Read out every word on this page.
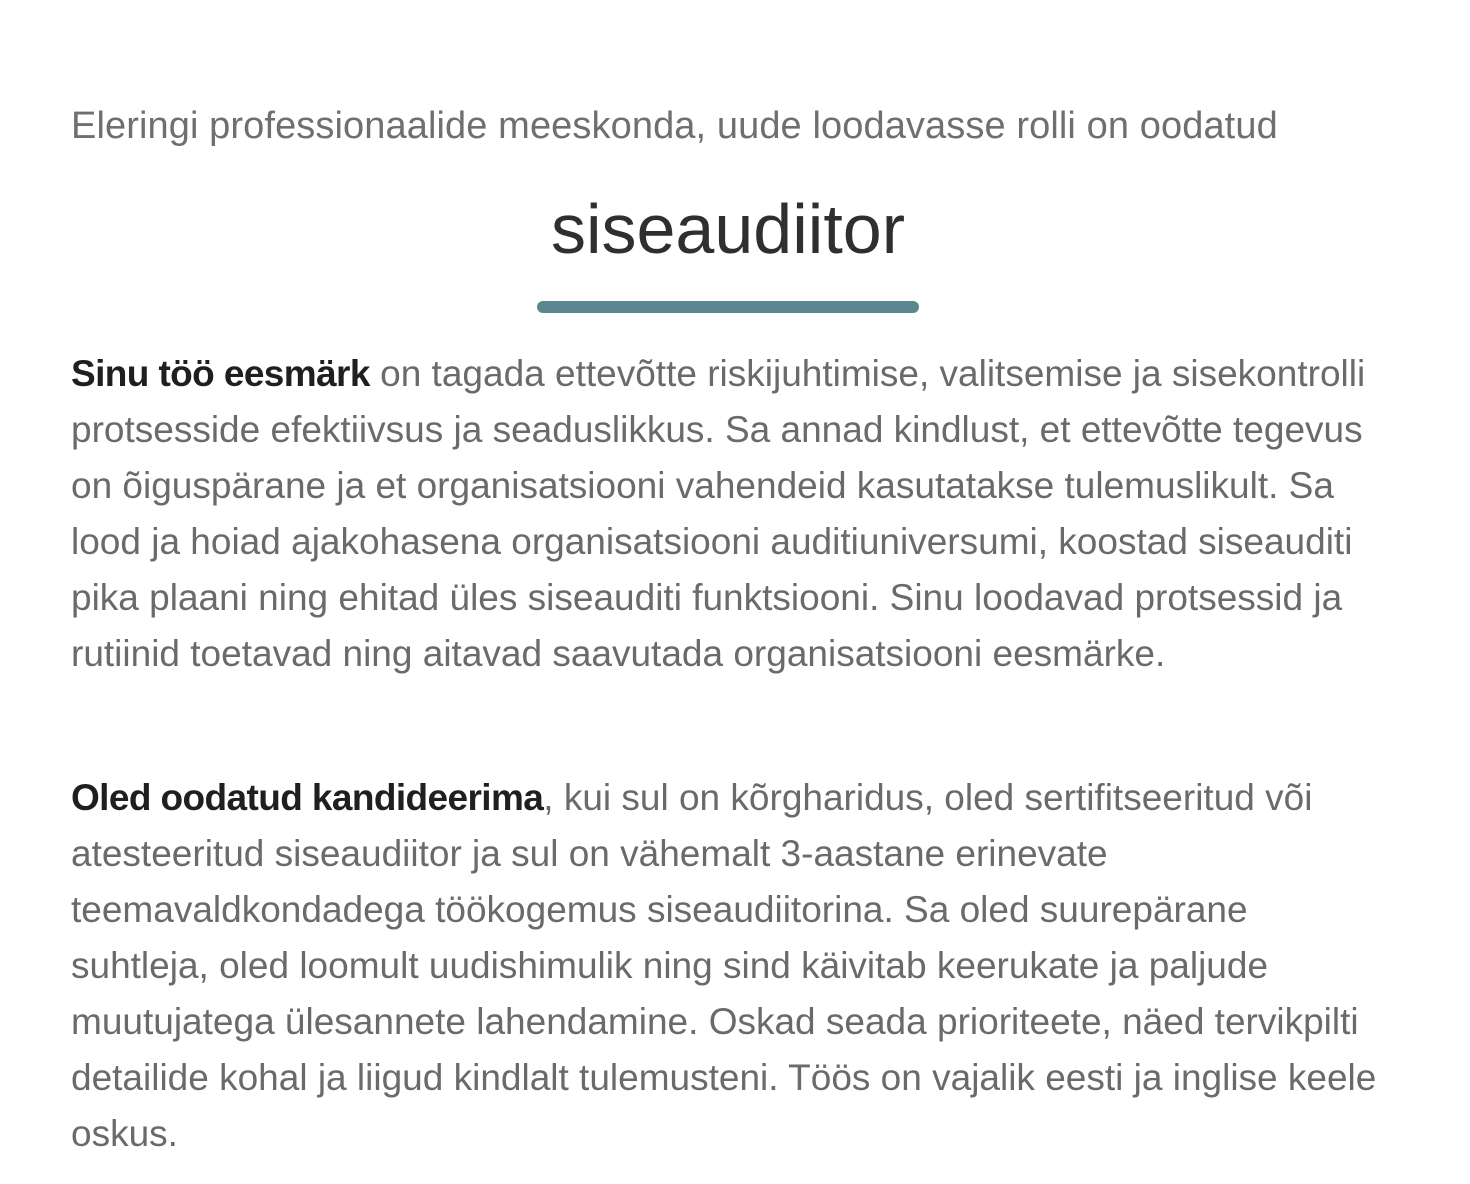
Eleringi professionaalide meeskonda, uude loodavasse rolli on oodatud
siseaudiitor

Sinu töö eesmärk on tagada ettevõtte riskijuhtimise, valitsemise ja sisekontrolli protsesside efektiivsus ja seaduslikkus. Sa annad kindlust, et ettevõtte tegevus on õiguspärane ja et organisatsiooni vahendeid kasutatakse tulemuslikult. Sa lood ja hoiad ajakohasena organisatsiooni auditiuniversumi, koostad siseauditi pika plaani ning ehitad üles siseauditi funktsiooni. Sinu loodavad protsessid ja rutiinid toetavad ning aitavad saavutada organisatsiooni eesmärke.

Oled oodatud kandideerima, kui sul on kõrgharidus, oled sertifitseeritud või atesteeritud siseaudiitor ja sul on vähemalt 3-aastane erinevate teemavaldkondadega töökogemus siseaudiitorina. Sa oled suurepärane suhtleja, oled loomult uudishimulik ning sind käivitab keerukate ja paljude muutujatega ülesannete lahendamine. Oskad seada prioriteete, näed tervikpilti detailide kohal ja liigud kindlalt tulemusteni. Töös on vajalik eesti ja inglise keele oskus.
